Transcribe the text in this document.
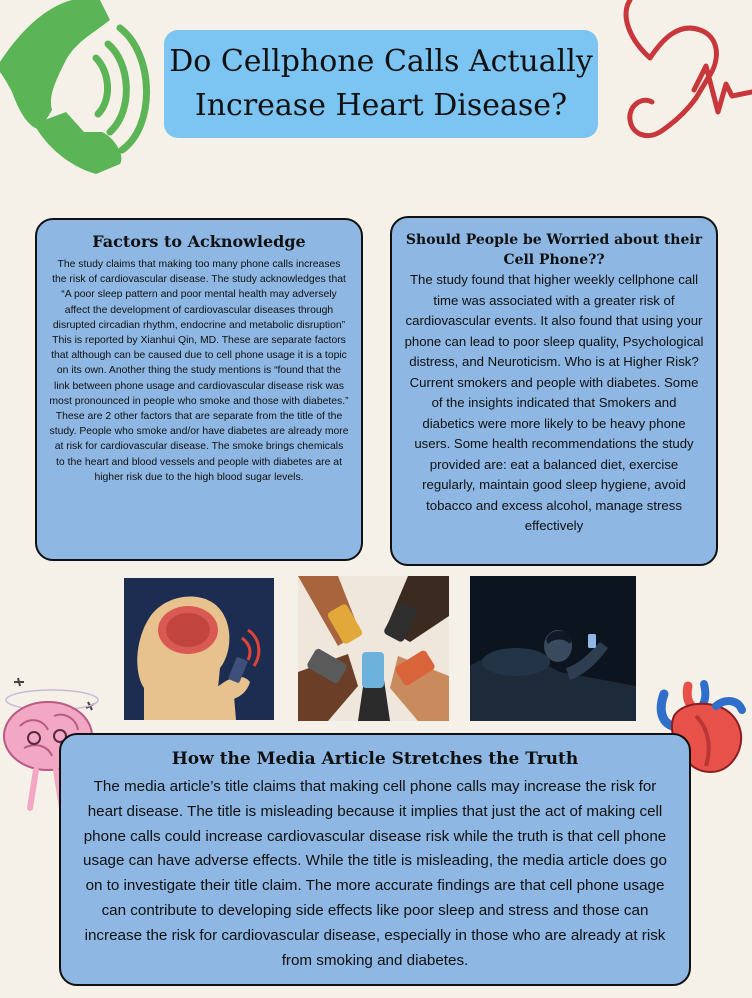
Do Cellphone Calls Actually
Increase Heart Disease?
Factors to Acknowledge
The study claims that making too many phone calls increases the risk of cardiovascular disease. The study acknowledges that “A poor sleep pattern and poor mental health may adversely affect the development of cardiovascular diseases through disrupted circadian rhythm, endocrine and metabolic disruption” This is reported by Xianhui Qin, MD. These are separate factors that although can be caused due to cell phone usage it is a topic on its own. Another thing the study mentions is “found that the link between phone usage and cardiovascular disease risk was most pronounced in people who smoke and those with diabetes.” These are 2 other factors that are separate from the title of the study. People who smoke and/or have diabetes are already more at risk for cardiovascular disease. The smoke brings chemicals to the heart and blood vessels and people with diabetes are at higher risk due to the high blood sugar levels.
Should People be Worried about their Cell Phone??
The study found that higher weekly cellphone call time was associated with a greater risk of cardiovascular events. It also found that using your phone can lead to poor sleep quality, Psychological distress, and Neuroticism. Who is at Higher Risk? Current smokers and people with diabetes. Some of the insights indicated that Smokers and diabetics were more likely to be heavy phone users. Some health recommendations the study provided are: eat a balanced diet, exercise regularly, maintain good sleep hygiene, avoid tobacco and excess alcohol, manage stress effectively
How the Media Article Stretches the Truth
The media article’s title claims that making cell phone calls may increase the risk for heart disease. The title is misleading because it implies that just the act of making cell phone calls could increase cardiovascular disease risk while the truth is that cell phone usage can have adverse effects. While the title is misleading, the media article does go on to investigate their title claim. The more accurate findings are that cell phone usage can contribute to developing side effects like poor sleep and stress and those can increase the risk for cardiovascular disease, especially in those who are already at risk from smoking and diabetes.
